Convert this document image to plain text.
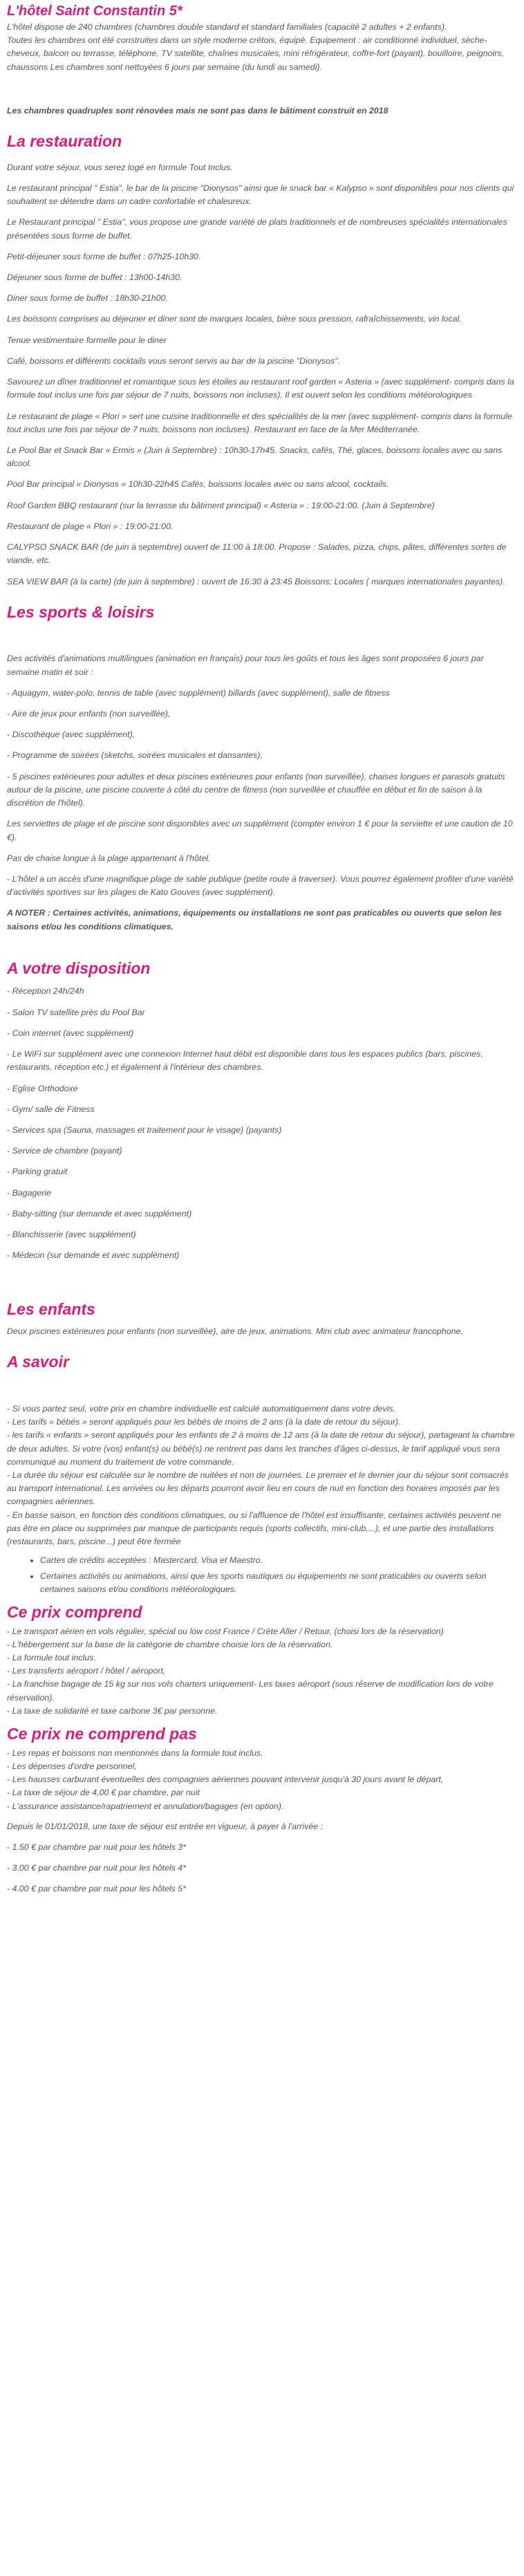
L'hôtel Saint Constantin 5*
L'hôtel dispose de 240 chambres (chambres double standard et standard familiales (capacité 2 adultes + 2 enfants).
Toutes les chambres ont été construites dans un style moderne crétois, équipé. Equipement : air conditionné individuel, sèche-cheveux, balcon ou terrasse, téléphone, TV satellite, chaînes musicales, mini réfrigérateur, coffre-fort (payant), bouilloire, peignoirs, chaussons Les chambres sont nettoyées 6 jours par semaine (du lundi au samedi).

Les chambres quadruples sont rénovées mais ne sont pas dans le bâtiment construit en 2018

La restauration

Durant votre séjour, vous serez logé en formule Tout Inclus.

Le restaurant principal " Estia", le bar de la piscine "Dionysos" ainsi que le snack bar « Kalypso » sont disponibles pour nos clients qui souhaitent se détendre dans un cadre confortable et chaleureux.

Le Restaurant principal " Estia", vous propose une grande variété de plats traditionnels et de nombreuses spécialités internationales présentées sous forme de buffet.

Petit-déjeuner sous forme de buffet : 07h25-10h30.

Déjeuner sous forme de buffet : 13h00-14h30.

Diner sous forme de buffet : 18h30-21h00.

Les boissons comprises au déjeuner et diner sont de marques locales, bière sous pression, rafraîchissements, vin local.

Tenue vestimentaire formelle pour le diner

Café, boissons et différents cocktails vous seront servis au bar de la piscine "Dionysos".

Savourez un dîner traditionnel et romantique sous les étoiles au restaurant roof garden « Asteria » (avec supplément- compris dans la formule tout inclus une fois par séjour de 7 nuits, boissons non incluses). Il est ouvert selon les conditions météorologiques

Le restaurant de plage « Plori » sert une cuisine traditionnelle et des spécialités de la mer (avec supplément- compris dans la formule tout inclus une fois par séjour de 7 nuits, boissons non incluses). Restaurant en face de la Mer Méditerranée.

Le Pool Bar et Snack Bar « Ermis » (Juin à Septembre) : 10h30-17h45. Snacks, cafés, Thé, glaces, boissons locales avec ou sans alcool.

Pool Bar principal « Dionysos » 10h30-22h45 Cafés, boissons locales avec ou sans alcool, cocktails.

Roof Garden BBQ restaurant (sur la terrasse du bâtiment principal) « Asteria » : 19:00-21:00. (Juin à Septembre)

Restaurant de plage « Plori » : 19:00-21:00.

CALYPSO SNACK BAR (de juin à septembre) ouvert de 11:00 à 18:00. Propose : Salades, pizza, chips, pâtes, différentes sortes de viande, etc.

SEA VIEW BAR (à la carte) (de juin à septembre) : ouvert de 16:30 à 23:45 Boissons: Locales ( marques internationales payantes).

Les sports & loisirs

Des activités d'animations multilingues (animation en français) pour tous les goûts et tous les âges sont proposées 6 jours par semaine matin et soir :

- Aquagym, water-polo, tennis de table (avec supplément) billards (avec supplément), salle de fitness

- Aire de jeux pour enfants (non surveillée),

- Discothèque (avec supplément),

- Programme de soirées (sketchs, soirées musicales et dansantes),

- 5 piscines extérieures pour adultes et deux piscines extérieures pour enfants (non surveillée), chaises longues et parasols gratuits autour de la piscine, une piscine couverte à côté du centre de fitness (non surveillée et chauffée en début et fin de saison à la discrétion de l'hôtel).

Les serviettes de plage et de piscine sont disponibles avec un supplément (compter environ 1 € pour la serviette et une caution de 10 €).

Pas de chaise longue à la plage appartenant à l'hôtel.

- L'hôtel a un accès d'une magnifique plage de sable publique (petite route à traverser). Vous pourrez également profiter d'une variété d'activités sportives sur les plages de Kato Gouves (avec supplément).

A NOTER : Certaines activités, animations, équipements ou installations ne sont pas praticables ou ouverts que selon les saisons et/ou les conditions climatiques.

A votre disposition

- Réception 24h/24h

- Salon TV satellite près du Pool Bar

- Coin internet (avec supplément)

- Le WiFi sur supplément avec une connexion Internet haut débit est disponible dans tous les espaces publics (bars, piscines, restaurants, réception etc.) et également à l'intérieur des chambres.

- Eglise Orthodoxe

- Gym/ salle de Fitness

- Services spa (Sauna, massages et traitement pour le visage) (payants)

- Service de chambre (payant)

- Parking gratuit

- Bagagerie

- Baby-sitting (sur demande et avec supplément)

- Blanchisserie (avec supplément)

- Médecin (sur demande et avec supplément)

Les enfants

Deux piscines extérieures pour enfants (non surveillée), aire de jeux, animations. Mini club avec animateur francophone.

A savoir
- Si vous partez seul, votre prix en chambre individuelle est calculé automatiquement dans votre devis.
- Les tarifs « bébés » seront appliqués pour les bébés de moins de 2 ans (à la date de retour du séjour).
- les tarifs « enfants » seront appliqués pour les enfants de 2 à moins de 12 ans (à la date de retour du séjour), partageant la chambre de deux adultes. Si votre (vos) enfant(s) ou bébé(s) ne rentrent pas dans les tranches d'âges ci-dessus, le tarif appliqué vous sera communiqué au moment du traitement de votre commande.
- La durée du séjour est calculée sur le nombre de nuitées et non de journées. Le premier et le dernier jour du séjour sont consacrés au transport international. Les arrivées ou les départs pourront avoir lieu en cours de nuit en fonction des horaires imposés par les compagnies aériennes.
- En basse saison, en fonction des conditions climatiques, ou si l'affluence de l'hôtel est insuffisante, certaines activités peuvent ne pas être en place ou supprimées par manque de participants requis (sports collectifs, mini-club,...), et une partie des installations (restaurants, bars, piscine...) peut être fermée
• Cartes de crédits acceptées : Mastercard, Visa et Maestro.
• Certaines activités ou animations, ainsi que les sports nautiques ou équipements ne sont praticables ou ouverts selon certaines saisons et/ou conditions météorologiques.
Ce prix comprend
- Le transport aérien en vols régulier, spécial ou low cost France / Crète Aller / Retour, (choisi lors de la réservation)
- L'hébergement sur la base de la catégorie de chambre choisie lors de la réservation.
- La formule tout inclus.
- Les transferts aéroport / hôtel / aéroport,
- La franchise bagage de 15 kg sur nos vols charters uniquement- Les taxes aéroport (sous réserve de modification lors de votre réservation).
- La taxe de solidarité et taxe carbone 3€ par personne.
Ce prix ne comprend pas
- Les repas et boissons non mentionnés dans la formule tout inclus,
- Les dépenses d'ordre personnel,
- Les hausses carburant éventuelles des compagnies aériennes pouvant intervenir jusqu'à 30 jours avant le départ,
- La taxe de séjour de 4,00 € par chambre, par nuit
- L'assurance assistance/rapatriement et annulation/bagages (en option).

Depuis le 01/01/2018, une taxe de séjour est entrée en vigueur, à payer à l'arrivée :

- 1.50 € par chambre par nuit pour les hôtels 3*

- 3.00 € par chambre par nuit pour les hôtels 4*

- 4.00 € par chambre par nuit pour les hôtels 5*
